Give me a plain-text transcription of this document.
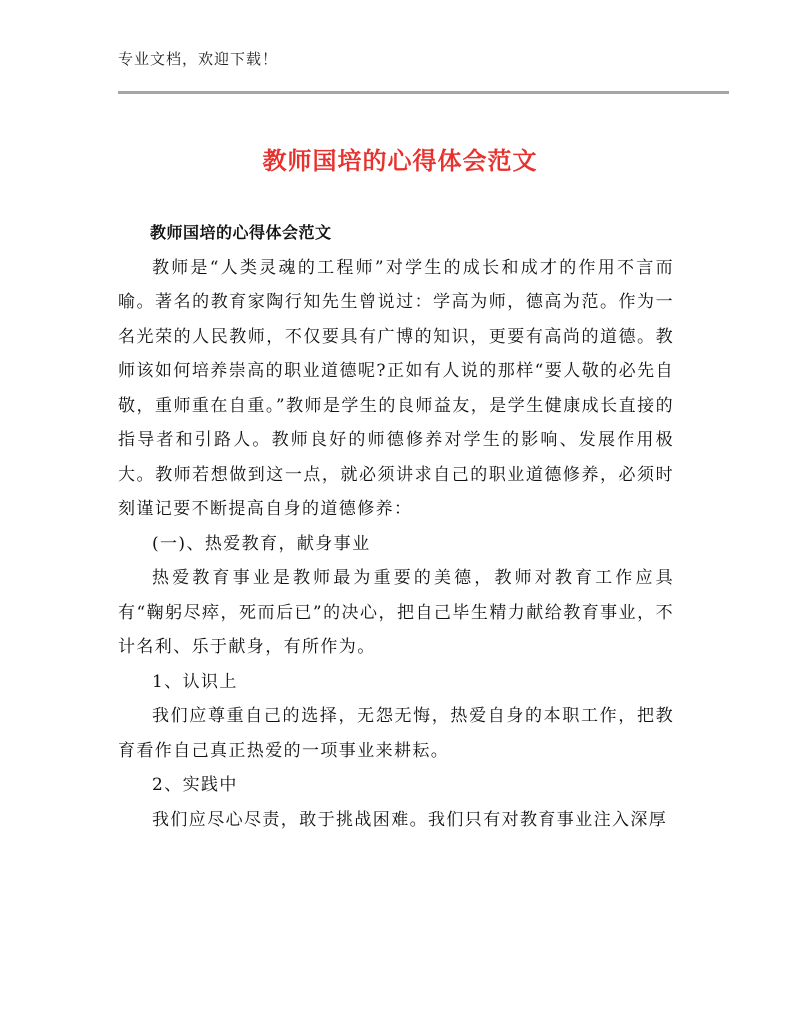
专业文档，欢迎下载！
教师国培的心得体会范文

教师国培的心得体会范文

教师是“人类灵魂的工程师”对学生的成长和成才的作用不言而喻。著名的教育家陶行知先生曾说过：学高为师，德高为范。作为一名光荣的人民教师，不仅要具有广博的知识，更要有高尚的道德。教师该如何培养崇高的职业道德呢?正如有人说的那样“要人敬的必先自敬，重师重在自重。”教师是学生的良师益友，是学生健康成长直接的指导者和引路人。教师良好的师德修养对学生的影响、发展作用极大。教师若想做到这一点，就必须讲求自己的职业道德修养，必须时刻谨记要不断提高自身的道德修养：

(一)、热爱教育，献身事业

热爱教育事业是教师最为重要的美德，教师对教育工作应具有“鞠躬尽瘁，死而后已”的决心，把自己毕生精力献给教育事业，不计名利、乐于献身，有所作为。

1、认识上

我们应尊重自己的选择，无怨无悔，热爱自身的本职工作，把教育看作自己真正热爱的一项事业来耕耘。

2、实践中

我们应尽心尽责，敢于挑战困难。我们只有对教育事业注入深厚
